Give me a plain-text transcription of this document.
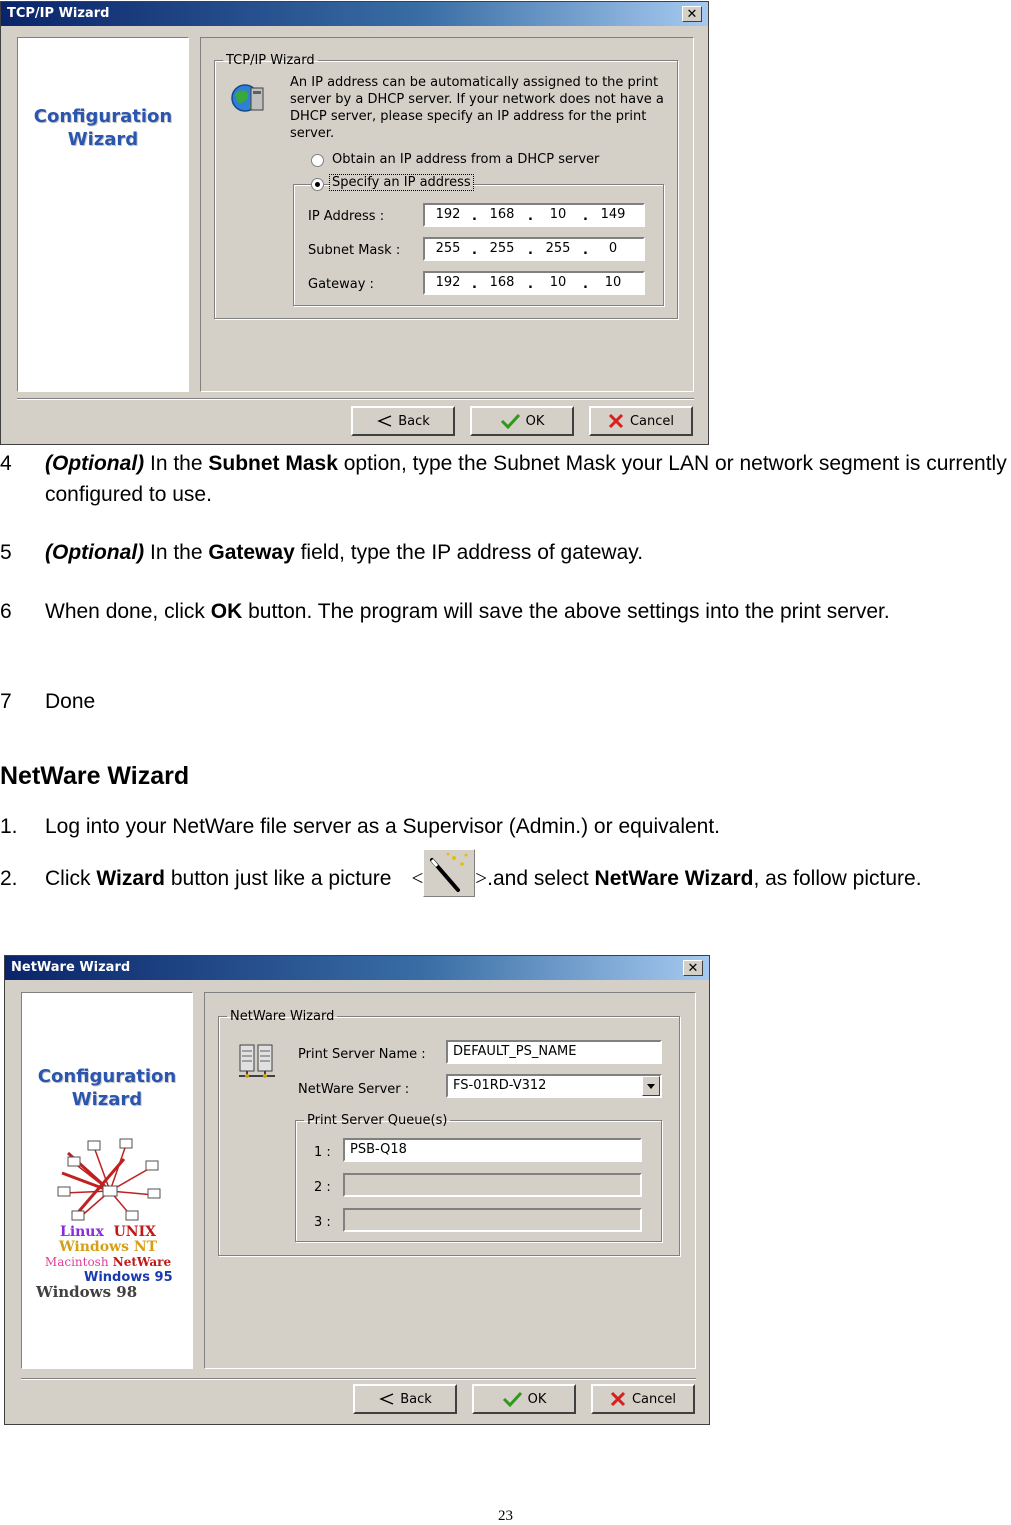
TCP/IP Wizard	✕
Configuration
Wizard
TCP/IP Wizard
An IP address can be automatically assigned to the print server by a DHCP server. If your network does not have a DHCP server, please specify an IP address for the print server.
Obtain an IP address from a DHCP server
Specify an IP address
IP Address :	192 . 168	.	10	. 149
Subnet Mask :	255 . 255	. 255 .	0
Gateway :	192 . 168	.	10	.	10
Back	OK	Cancel
4 (Optional) In the Subnet Mask option, type the Subnet Mask your LAN or network segment is currently configured to use.
5 (Optional) In the Gateway field, type the IP address of gateway.
6 When done, click OK button. The program will save the above settings into the print server.
7 Done
NetWare Wizard
1. Log into your NetWare file server as a Supervisor (Admin.) or equivalent.
2. Click Wizard button just like a picture < >.and select NetWare Wizard, as follow picture.
NetWare Wizard	✕
Configuration
Wizard
Linux UNIX
Windows NT
Macintosh NetWare
Windows 95
Windows 98
NetWare Wizard
Print Server Name :	DEFAULT_PS_NAME
NetWare Server :	FS-01RD-V312
Print Server Queue(s)
1 :	PSB-Q18
2 :
3 :
Back	OK	Cancel
23
